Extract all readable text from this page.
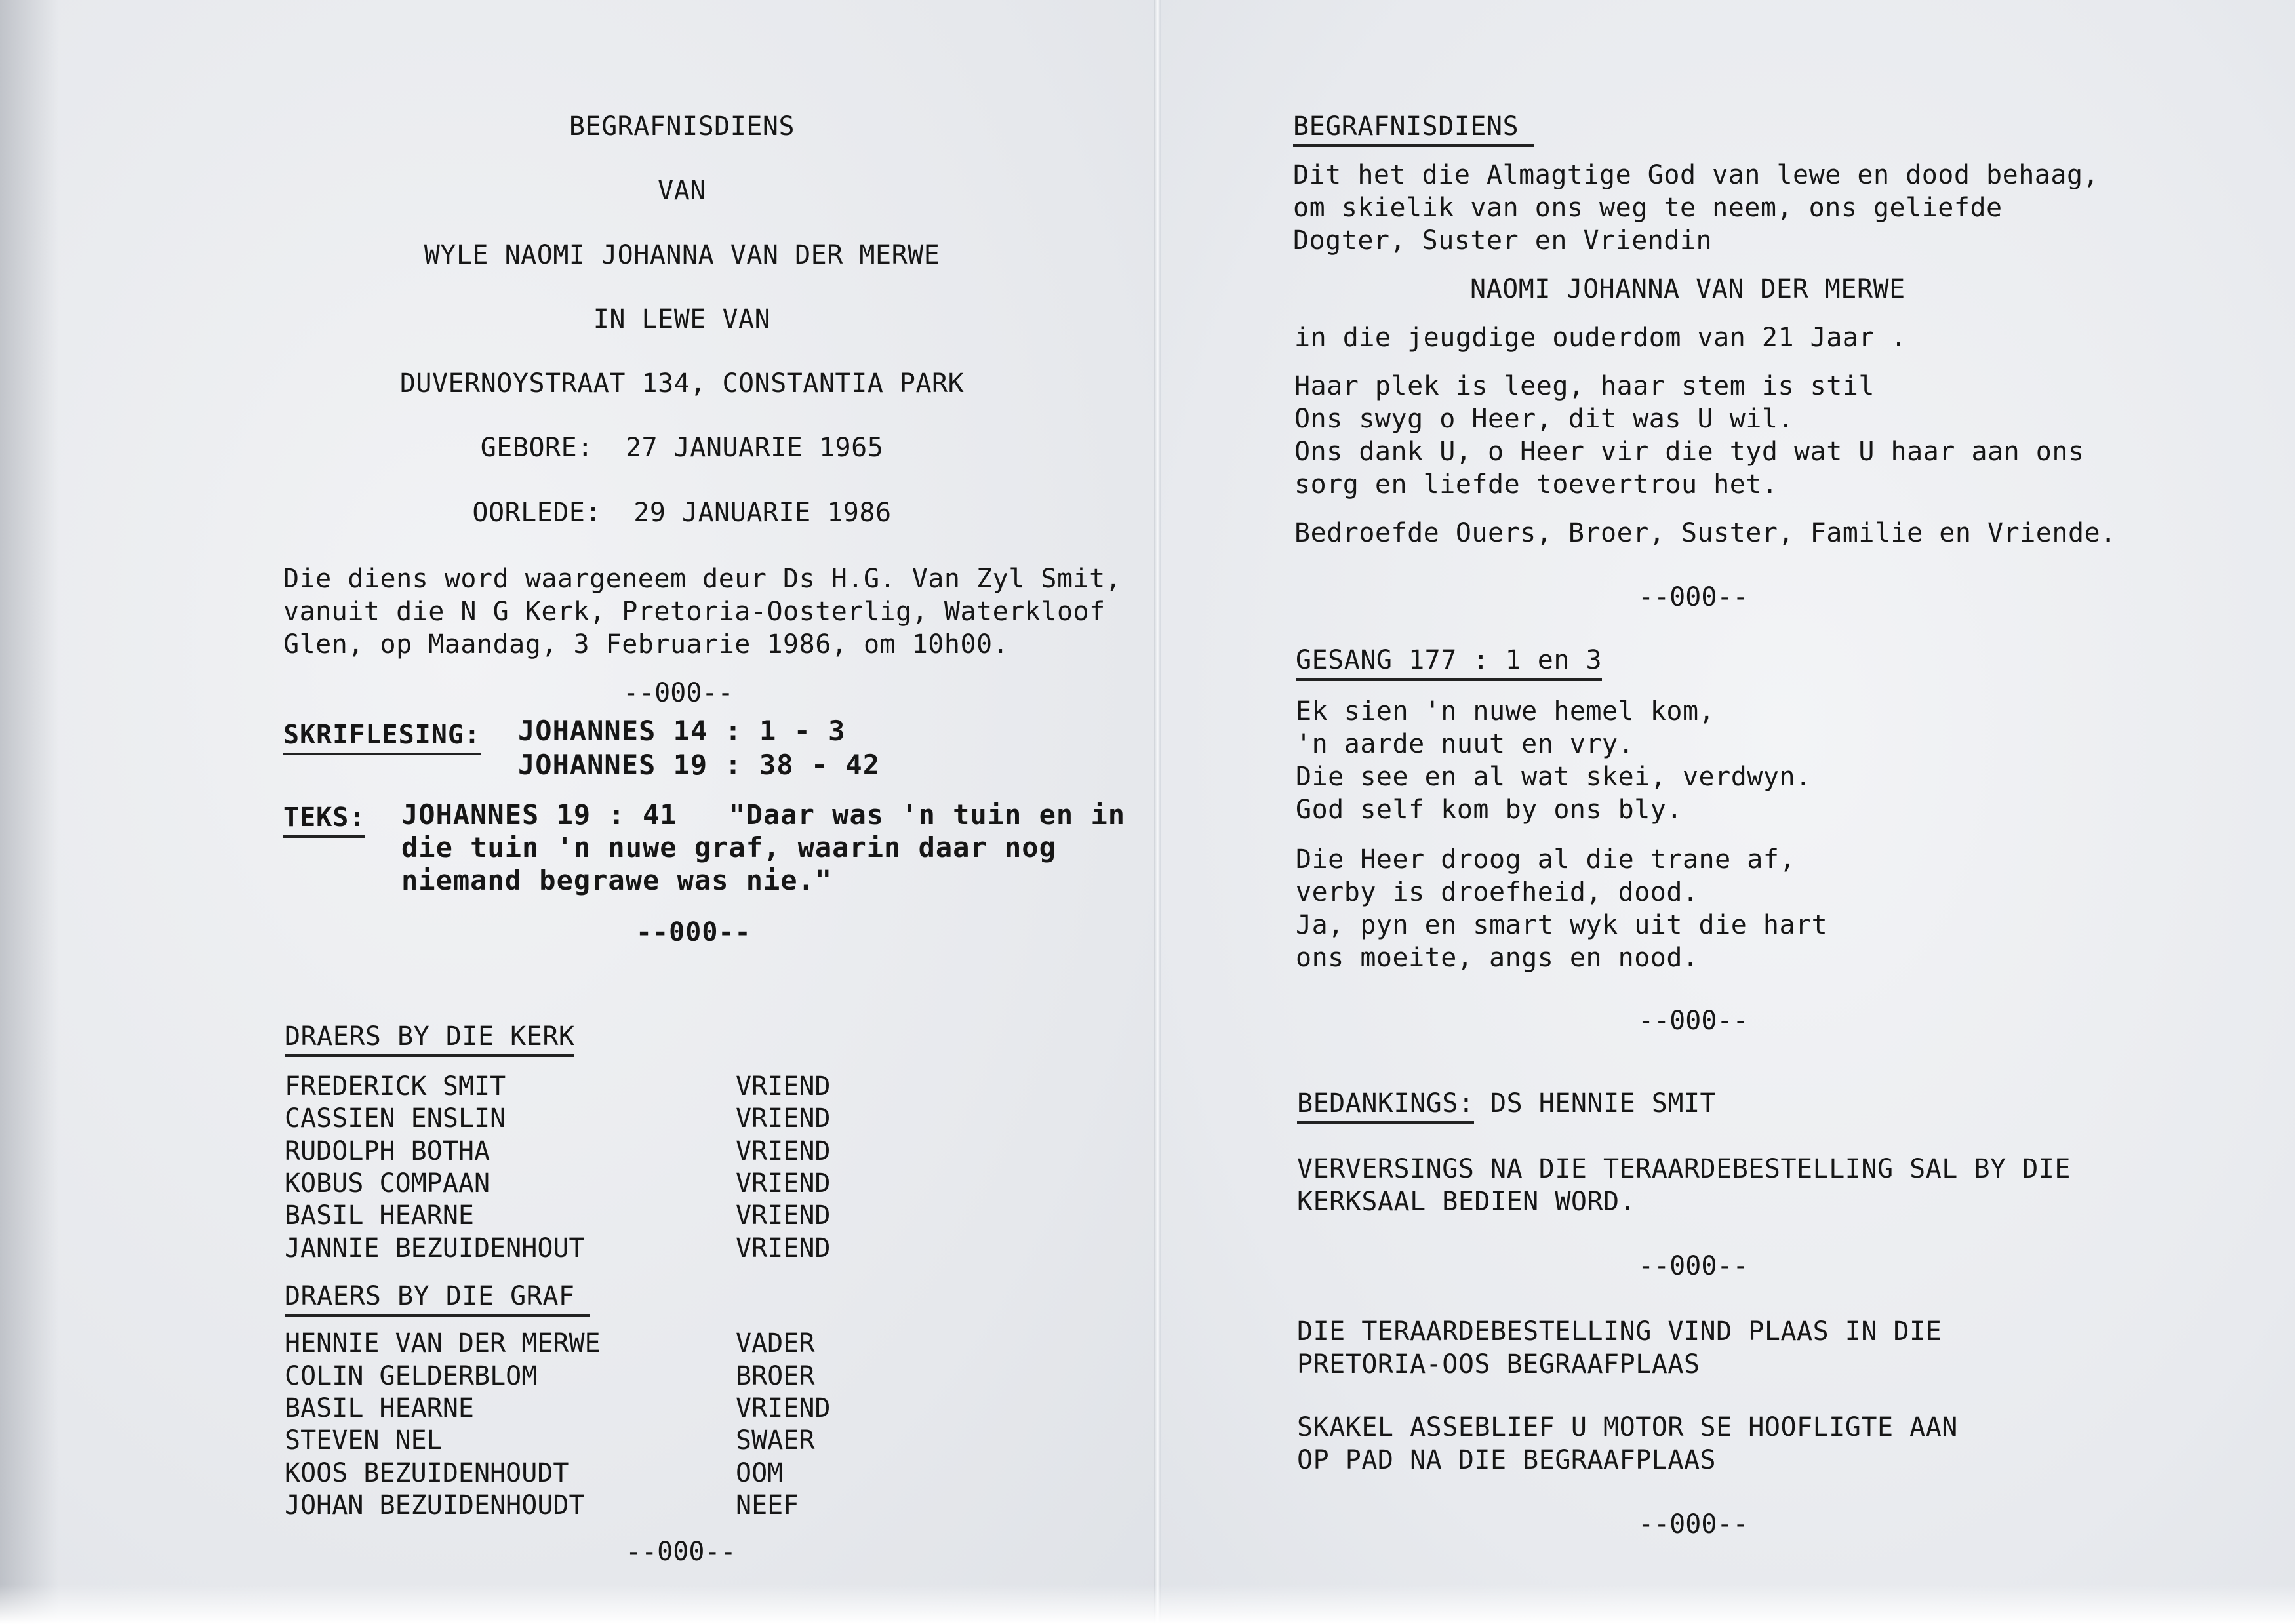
BEGRAFNISDIENS
VAN
WYLE NAOMI JOHANNA VAN DER MERWE
IN LEWE VAN
DUVERNOYSTRAAT 134, CONSTANTIA PARK
GEBORE:  27 JANUARIE 1965
OORLEDE:  29 JANUARIE 1986
Die diens word waargeneem deur Ds H.G. Van Zyl Smit,
vanuit die N G Kerk, Pretoria-Oosterlig, Waterkloof
Glen, op Maandag, 3 Februarie 1986, om 10h00.
--000--
SKRIFLESING: JOHANNES 14 : 1 - 3
JOHANNES 19 : 38 - 42
TEKS: JOHANNES 19 : 41   "Daar was 'n tuin en in
die tuin 'n nuwe graf, waarin daar nog
niemand begrawe was nie."
--000--
DRAERS BY DIE KERK
FREDERICK SMIT	VRIEND
CASSIEN ENSLIN	VRIEND
RUDOLPH BOTHA	VRIEND
KOBUS COMPAAN	VRIEND
BASIL HEARNE	VRIEND
JANNIE BEZUIDENHOUT	VRIEND
DRAERS BY DIE GRAF
HENNIE VAN DER MERWE	VADER
COLIN GELDERBLOM	BROER
BASIL HEARNE	VRIEND
STEVEN NEL	SWAER
KOOS BEZUIDENHOUDT	OOM
JOHAN BEZUIDENHOUDT	NEEF
--000--
BEGRAFNISDIENS
Dit het die Almagtige God van lewe en dood behaag,
om skielik van ons weg te neem, ons geliefde
Dogter, Suster en Vriendin
NAOMI JOHANNA VAN DER MERWE
in die jeugdige ouderdom van 21 Jaar .
Haar plek is leeg, haar stem is stil
Ons swyg o Heer, dit was U wil.
Ons dank U, o Heer vir die tyd wat U haar aan ons
sorg en liefde toevertrou het.
Bedroefde Ouers, Broer, Suster, Familie en Vriende.
--000--
GESANG 177 : 1 en 3
Ek sien 'n nuwe hemel kom,
'n aarde nuut en vry.
Die see en al wat skei, verdwyn.
God self kom by ons bly.
Die Heer droog al die trane af,
verby is droefheid, dood.
Ja, pyn en smart wyk uit die hart
ons moeite, angs en nood.
--000--
BEDANKINGS: DS HENNIE SMIT
VERVERSINGS NA DIE TERAARDEBESTELLING SAL BY DIE
KERKSAAL BEDIEN WORD.
--000--
DIE TERAARDEBESTELLING VIND PLAAS IN DIE
PRETORIA-OOS BEGRAAFPLAAS
SKAKEL ASSEBLIEF U MOTOR SE HOOFLIGTE AAN
OP PAD NA DIE BEGRAAFPLAAS
--000--
